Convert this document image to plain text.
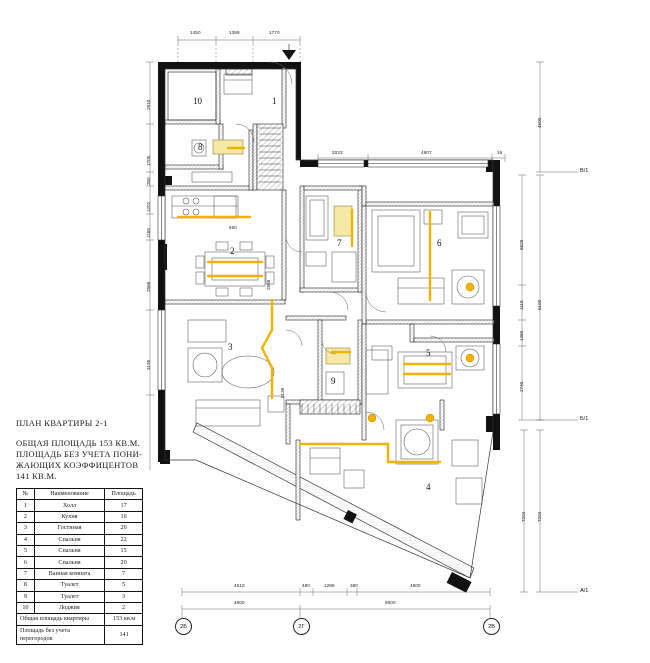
ПЛАН КВАРТИРЫ 2-1
ОБЩАЯ ПЛОЩАДЬ 153 КВ.М.
ПЛОЩАДЬ БЕЗ УЧЕТА ПОНИ-
ЖАЮЩИХ КОЭФФИЦЕНТОВ
141 КВ.М.
№	Наименование	Площадь
1	Холл	17
2	Кухня	16
3	Гостиная	26
4	Спальня	22
5	Спальня	15
6	Спальня	20
7	Ванная комната	7
8	Туалет	5
9	Туалет	3
10	Лоджия	2
Общая площадь квартиры		153 кв.м
Площадь без учета перегородок		141
10	1
8
2
3
7	6
5
9
4
1450	1389	1770
2033	4907	16
2910
1705
355
1202
1165
2868
3195
660
2868
5139
4600
5628
1118
1460
2740
6100
7204 7204
4510	480	1298	380	4800
4800	6600
2Б	2Г	2В
В/1
Б/1
А/1
